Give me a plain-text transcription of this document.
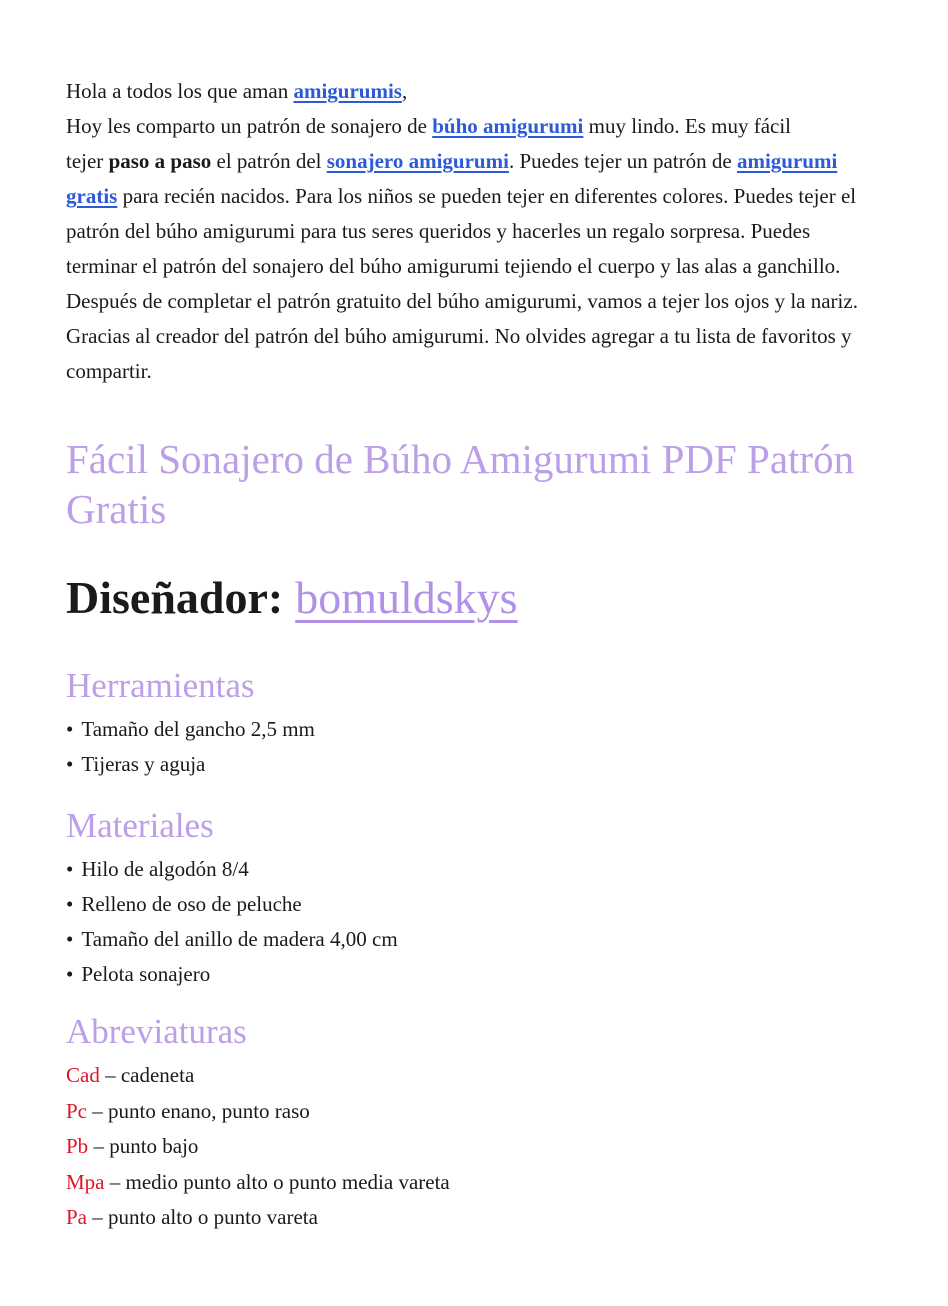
Hola a todos los que aman amigurumis,
Hoy les comparto un patrón de sonajero de búho amigurumi muy lindo. Es muy fácil
tejer paso a paso el patrón del sonajero amigurumi. Puedes tejer un patrón de amigurumi
gratis para recién nacidos. Para los niños se pueden tejer en diferentes colores. Puedes tejer el
patrón del búho amigurumi para tus seres queridos y hacerles un regalo sorpresa. Puedes
terminar el patrón del sonajero del búho amigurumi tejiendo el cuerpo y las alas a ganchillo.
Después de completar el patrón gratuito del búho amigurumi, vamos a tejer los ojos y la nariz.
Gracias al creador del patrón del búho amigurumi. No olvides agregar a tu lista de favoritos y
compartir.
Fácil Sonajero de Búho Amigurumi PDF Patrón
Gratis
Diseñador: bomuldskys
Herramientas
• Tamaño del gancho 2,5 mm
• Tijeras y aguja
Materiales
• Hilo de algodón 8/4
• Relleno de oso de peluche
• Tamaño del anillo de madera 4,00 cm
• Pelota sonajero
Abreviaturas
Cad – cadeneta
Pc – punto enano, punto raso
Pb – punto bajo
Mpa – medio punto alto o punto media vareta
Pa – punto alto o punto vareta
